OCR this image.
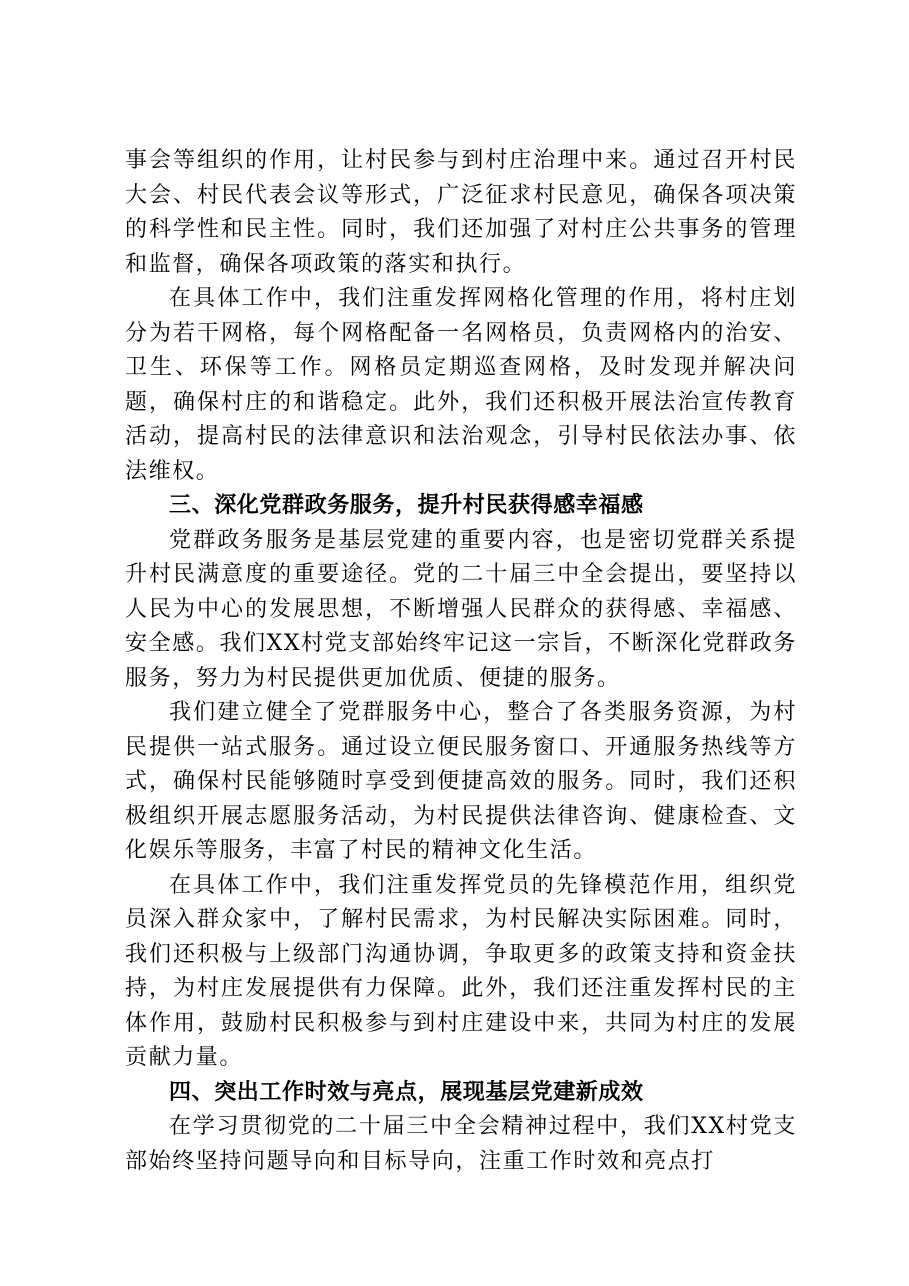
事会等组织的作用，让村民参与到村庄治理中来。通过召开村民大会、村民代表会议等形式，广泛征求村民意见，确保各项决策的科学性和民主性。同时，我们还加强了对村庄公共事务的管理和监督，确保各项政策的落实和执行。

在具体工作中，我们注重发挥网格化管理的作用，将村庄划分为若干网格，每个网格配备一名网格员，负责网格内的治安、卫生、环保等工作。网格员定期巡查网格，及时发现并解决问题，确保村庄的和谐稳定。此外，我们还积极开展法治宣传教育活动，提高村民的法律意识和法治观念，引导村民依法办事、依法维权。

三、深化党群政务服务，提升村民获得感幸福感

党群政务服务是基层党建的重要内容，也是密切党群关系提升村民满意度的重要途径。党的二十届三中全会提出，要坚持以人民为中心的发展思想，不断增强人民群众的获得感、幸福感、安全感。我们XX村党支部始终牢记这一宗旨，不断深化党群政务服务，努力为村民提供更加优质、便捷的服务。

我们建立健全了党群服务中心，整合了各类服务资源，为村民提供一站式服务。通过设立便民服务窗口、开通服务热线等方式，确保村民能够随时享受到便捷高效的服务。同时，我们还积极组织开展志愿服务活动，为村民提供法律咨询、健康检查、文化娱乐等服务，丰富了村民的精神文化生活。

在具体工作中，我们注重发挥党员的先锋模范作用，组织党员深入群众家中，了解村民需求，为村民解决实际困难。同时，我们还积极与上级部门沟通协调，争取更多的政策支持和资金扶持，为村庄发展提供有力保障。此外，我们还注重发挥村民的主体作用，鼓励村民积极参与到村庄建设中来，共同为村庄的发展贡献力量。

四、突出工作时效与亮点，展现基层党建新成效

在学习贯彻党的二十届三中全会精神过程中，我们XX村党支部始终坚持问题导向和目标导向，注重工作时效和亮点打
